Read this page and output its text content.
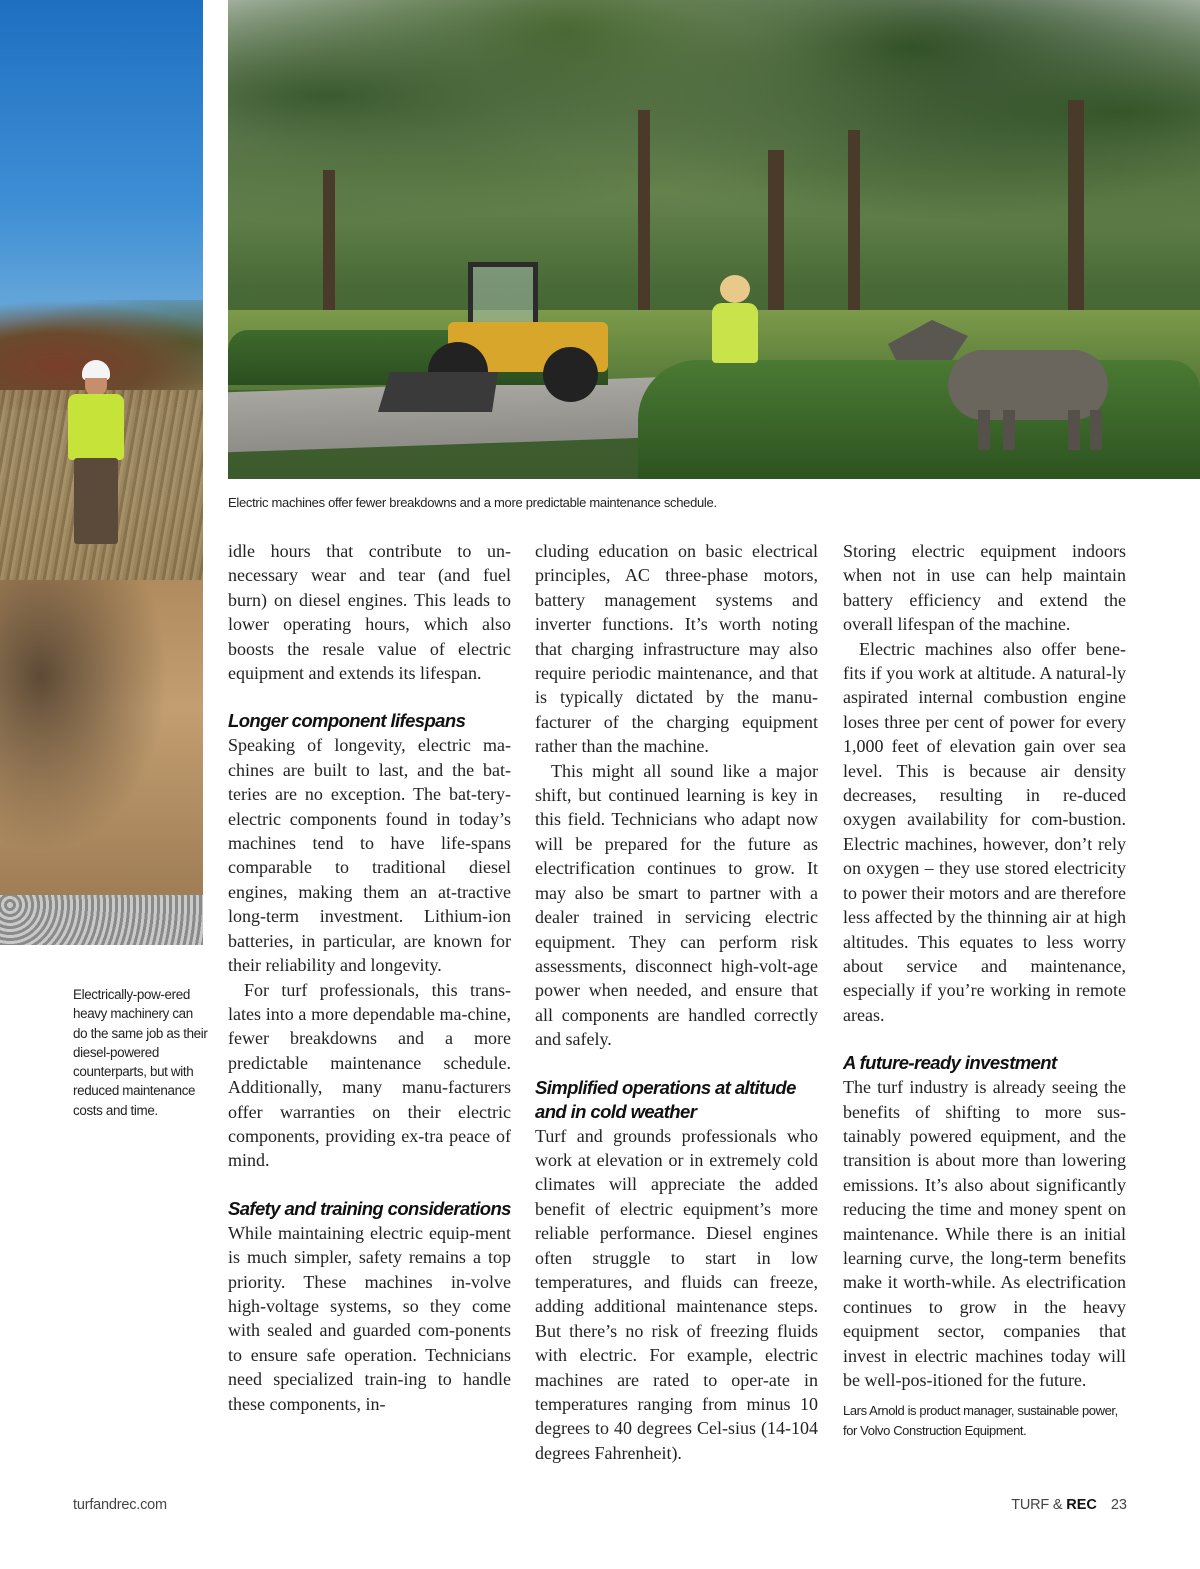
Electric machines offer fewer breakdowns and a more predictable maintenance schedule.
Electrically-pow-ered heavy machinery can do the same job as their diesel-powered counterparts, but with reduced maintenance costs and time.

idle hours that contribute to un-necessary wear and tear (and fuel burn) on diesel engines. This leads to lower operating hours, which also boosts the resale value of electric equipment and extends its lifespan.

Longer component lifespans

Speaking of longevity, electric ma-chines are built to last, and the bat-teries are no exception. The bat-tery-electric components found in today’s machines tend to have life-spans comparable to traditional diesel engines, making them an at-tractive long-term investment. Lithium-ion batteries, in particular, are known for their reliability and longevity.

For turf professionals, this trans-lates into a more dependable ma-chine, fewer breakdowns and a more predictable maintenance schedule. Additionally, many manu-facturers offer warranties on their electric components, providing ex-tra peace of mind.

Safety and training considerations

While maintaining electric equip-ment is much simpler, safety remains a top priority. These machines in-volve high-voltage systems, so they come with sealed and guarded com-ponents to ensure safe operation. Technicians need specialized train-ing to handle these components, in-

cluding education on basic electrical principles, AC three-phase motors, battery management systems and inverter functions. It’s worth noting that charging infrastructure may also require periodic maintenance, and that is typically dictated by the manu-facturer of the charging equipment rather than the machine.

This might all sound like a major shift, but continued learning is key in this field. Technicians who adapt now will be prepared for the future as electrification continues to grow. It may also be smart to partner with a dealer trained in servicing electric equipment. They can perform risk assessments, disconnect high-volt-age power when needed, and ensure that all components are handled correctly and safely.

Simplified operations at altitude and in cold weather

Turf and grounds professionals who work at elevation or in extremely cold climates will appreciate the added benefit of electric equipment’s more reliable performance. Diesel engines often struggle to start in low temperatures, and fluids can freeze, adding additional maintenance steps. But there’s no risk of freezing fluids with electric. For example, electric machines are rated to oper-ate in temperatures ranging from minus 10 degrees to 40 degrees Cel-sius (14-104 degrees Fahrenheit).

Storing electric equipment indoors when not in use can help maintain battery efficiency and extend the overall lifespan of the machine.

Electric machines also offer bene-fits if you work at altitude. A natural-ly aspirated internal combustion engine loses three per cent of power for every 1,000 feet of elevation gain over sea level. This is because air density decreases, resulting in re-duced oxygen availability for com-bustion. Electric machines, however, don’t rely on oxygen – they use stored electricity to power their motors and are therefore less affected by the thinning air at high altitudes. This equates to less worry about service and maintenance, especially if you’re working in remote areas.

A future-ready investment

The turf industry is already seeing the benefits of shifting to more sus-tainably powered equipment, and the transition is about more than lowering emissions. It’s also about significantly reducing the time and money spent on maintenance. While there is an initial learning curve, the long-term benefits make it worth-while. As electrification continues to grow in the heavy equipment sector, companies that invest in electric machines today will be well-pos-itioned for the future.

Lars Arnold is product manager, sustainable power, for Volvo Construction Equipment.

turfandrec.com	TURF & REC 23
